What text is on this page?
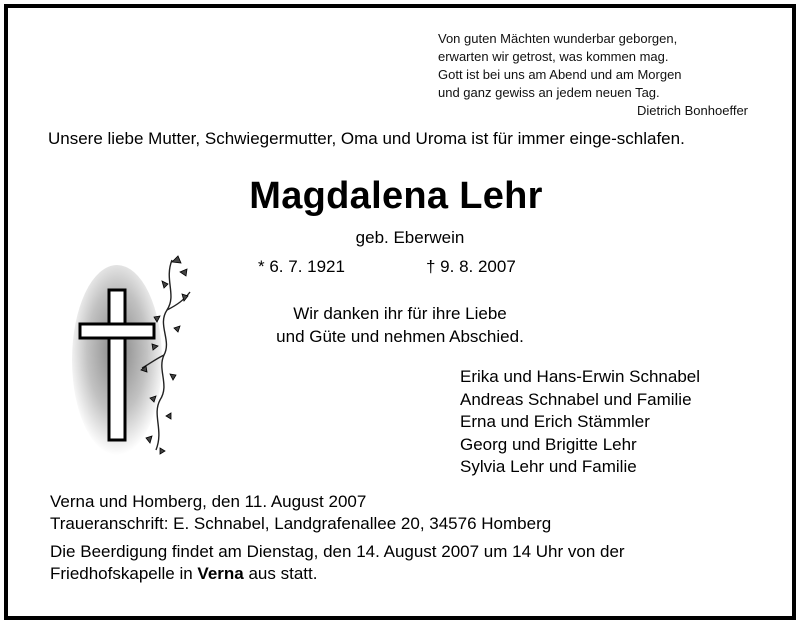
Von guten Mächten wunderbar geborgen,
erwarten wir getrost, was kommen mag.
Gott ist bei uns am Abend und am Morgen
und ganz gewiss an jedem neuen Tag.
Dietrich Bonhoeffer
Unsere liebe Mutter, Schwiegermutter, Oma und Uroma ist für immer einge-schlafen.
Magdalena Lehr
geb. Eberwein
* 6. 7. 1921	† 9. 8. 2007
Wir danken ihr für ihre Liebe
und Güte und nehmen Abschied.
Erika und Hans-Erwin Schnabel
Andreas Schnabel und Familie
Erna und Erich Stämmler
Georg und Brigitte Lehr
Sylvia Lehr und Familie
Verna und Homberg, den 11. August 2007
Traueranschrift: E. Schnabel, Landgrafenallee 20, 34576 Homberg
Die Beerdigung findet am Dienstag, den 14. August 2007 um 14 Uhr von der Friedhofskapelle in Verna aus statt.
